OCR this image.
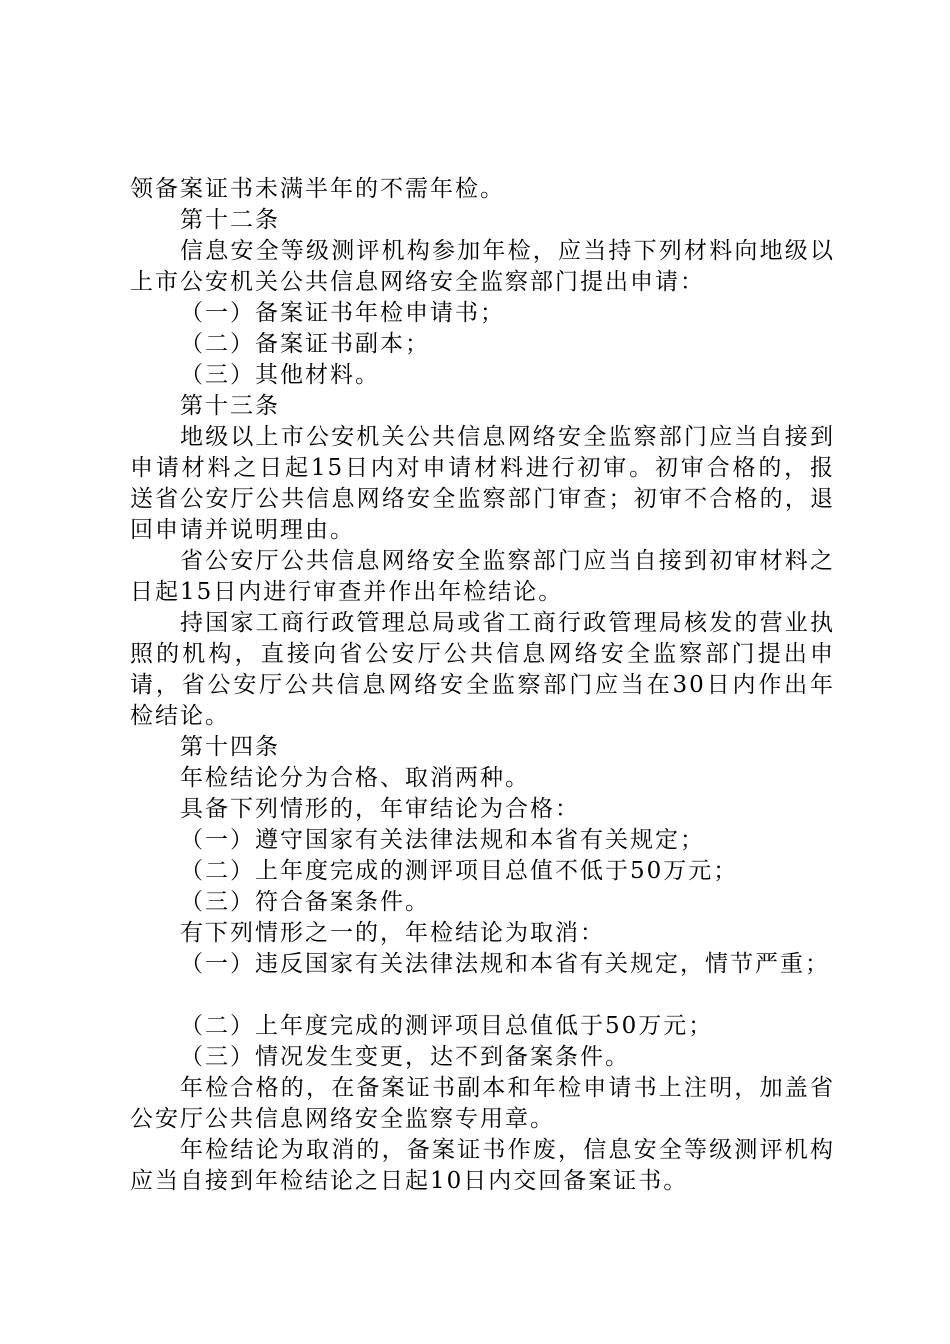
领备案证书未满半年的不需年检。

第十二条

信息安全等级测评机构参加年检，应当持下列材料向地级以上市公安机关公共信息网络安全监察部门提出申请：

（一）备案证书年检申请书；

（二）备案证书副本；

（三）其他材料。

第十三条

地级以上市公安机关公共信息网络安全监察部门应当自接到申请材料之日起15日内对申请材料进行初审。初审合格的，报送省公安厅公共信息网络安全监察部门审查；初审不合格的，退回申请并说明理由。

省公安厅公共信息网络安全监察部门应当自接到初审材料之日起15日内进行审查并作出年检结论。

持国家工商行政管理总局或省工商行政管理局核发的营业执照的机构，直接向省公安厅公共信息网络安全监察部门提出申请，省公安厅公共信息网络安全监察部门应当在30日内作出年检结论。

第十四条

年检结论分为合格、取消两种。

具备下列情形的，年审结论为合格：

（一）遵守国家有关法律法规和本省有关规定；

（二）上年度完成的测评项目总值不低于50万元；

（三）符合备案条件。

有下列情形之一的，年检结论为取消：

（一）违反国家有关法律法规和本省有关规定，情节严重；

（二）上年度完成的测评项目总值低于50万元；

（三）情况发生变更，达不到备案条件。

年检合格的，在备案证书副本和年检申请书上注明，加盖省公安厅公共信息网络安全监察专用章。

年检结论为取消的，备案证书作废，信息安全等级测评机构应当自接到年检结论之日起10日内交回备案证书。
